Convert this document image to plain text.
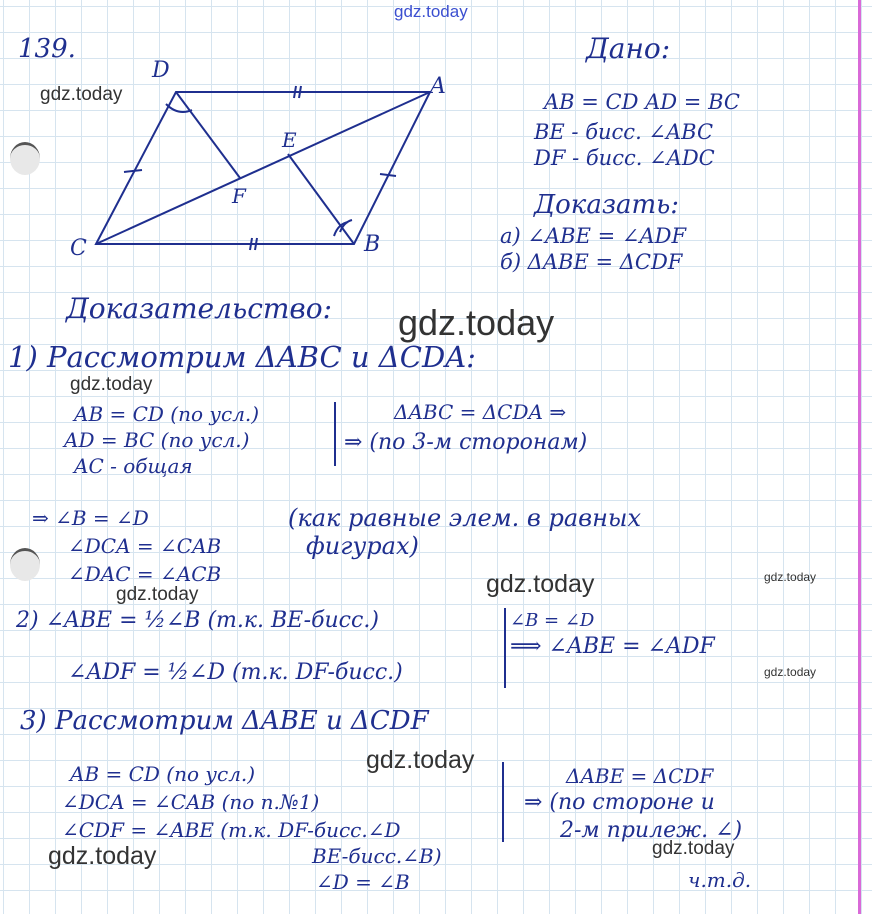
gdz.today
gdz.today
gdz.today
gdz.today
gdz.today	gdz.today
gdz.today
gdz.today
gdz.today
gdz.today	gdz.today
139.
D
A
C	B
E
F
Дано:
AB = CD AD = BC
BE - бисс. ∠ABC
DF - бисс. ∠ADC
Доказать:
а) ∠ABE = ∠ADF
б) ΔABE = ΔCDF
Доказательство:
1) Рассмотрим ΔABC и ΔCDA:
AB = CD (по усл.)
AD = BC (по усл.)
AC - общая
ΔABC = ΔCDA ⇒
⇒ (по 3-м сторонам)
⇒ ∠B = ∠D
∠DCA = ∠CAB
∠DAC = ∠ACB
(как равные элем. в равных
фигурах)
2) ∠ABE = ½∠B (т.к. BE-бисс.)
∠ADF = ½∠D (т.к. DF-бисс.)
∠B = ∠D
⟹ ∠ABE = ∠ADF
3) Рассмотрим ΔABE и ΔCDF
AB = CD (по усл.)
∠DCA = ∠CAB (по п.№1)
∠CDF = ∠ABE (т.к. DF-бисс.∠D
BE-бисс.∠B)
∠D = ∠B
ΔABE = ΔCDF
⇒ (по стороне и
2-м прилеж. ∠)
ч.т.д.
